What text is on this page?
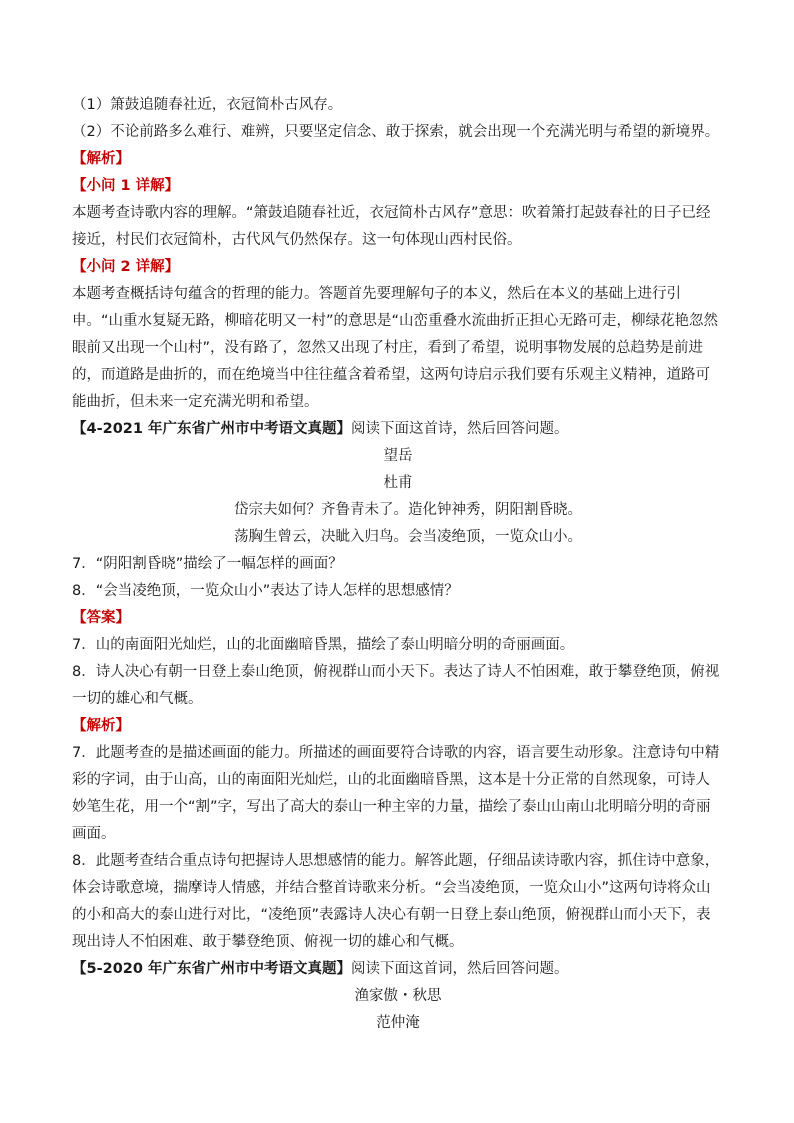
（1）箫鼓追随春社近，衣冠简朴古风存。
（2）不论前路多么难行、难辨，只要坚定信念、敢于探索，就会出现一个充满光明与希望的新境界。
【解析】
【小问 1 详解】
本题考查诗歌内容的理解。“箫鼓追随春社近，衣冠简朴古风存”意思：吹着箫打起鼓春社的日子已经接近，村民们衣冠简朴，古代风气仍然保存。这一句体现山西村民俗。
【小问 2 详解】
本题考查概括诗句蕴含的哲理的能力。答题首先要理解句子的本义，然后在本义的基础上进行引申。“山重水复疑无路，柳暗花明又一村”的意思是“山峦重叠水流曲折正担心无路可走，柳绿花艳忽然眼前又出现一个山村”，没有路了，忽然又出现了村庄，看到了希望，说明事物发展的总趋势是前进的，而道路是曲折的，而在绝境当中往往蕴含着希望，这两句诗启示我们要有乐观主义精神，道路可能曲折，但未来一定充满光明和希望。
【4-2021 年广东省广州市中考语文真题】阅读下面这首诗，然后回答问题。
望岳
杜甫
岱宗夫如何？齐鲁青未了。造化钟神秀，阴阳割昏晓。
荡胸生曾云，决眦入归鸟。会当凌绝顶，一览众山小。
7．“阴阳割昏晓”描绘了一幅怎样的画面？
8．“会当凌绝顶，一览众山小”表达了诗人怎样的思想感情？
【答案】
7．山的南面阳光灿烂，山的北面幽暗昏黑，描绘了泰山明暗分明的奇丽画面。
8．诗人决心有朝一日登上泰山绝顶，俯视群山而小天下。表达了诗人不怕困难，敢于攀登绝顶，俯视一切的雄心和气概。
【解析】
7．此题考查的是描述画面的能力。所描述的画面要符合诗歌的内容，语言要生动形象。注意诗句中精彩的字词，由于山高，山的南面阳光灿烂，山的北面幽暗昏黑，这本是十分正常的自然现象，可诗人妙笔生花，用一个“割”字，写出了高大的泰山一种主宰的力量，描绘了泰山山南山北明暗分明的奇丽画面。
8．此题考查结合重点诗句把握诗人思想感情的能力。解答此题，仔细品读诗歌内容，抓住诗中意象，体会诗歌意境，揣摩诗人情感，并结合整首诗歌来分析。“会当凌绝顶，一览众山小”这两句诗将众山的小和高大的泰山进行对比，“凌绝顶”表露诗人决心有朝一日登上泰山绝顶，俯视群山而小天下，表现出诗人不怕困难、敢于攀登绝顶、俯视一切的雄心和气概。
【5-2020 年广东省广州市中考语文真题】阅读下面这首词，然后回答问题。
渔家傲・秋思
范仲淹
